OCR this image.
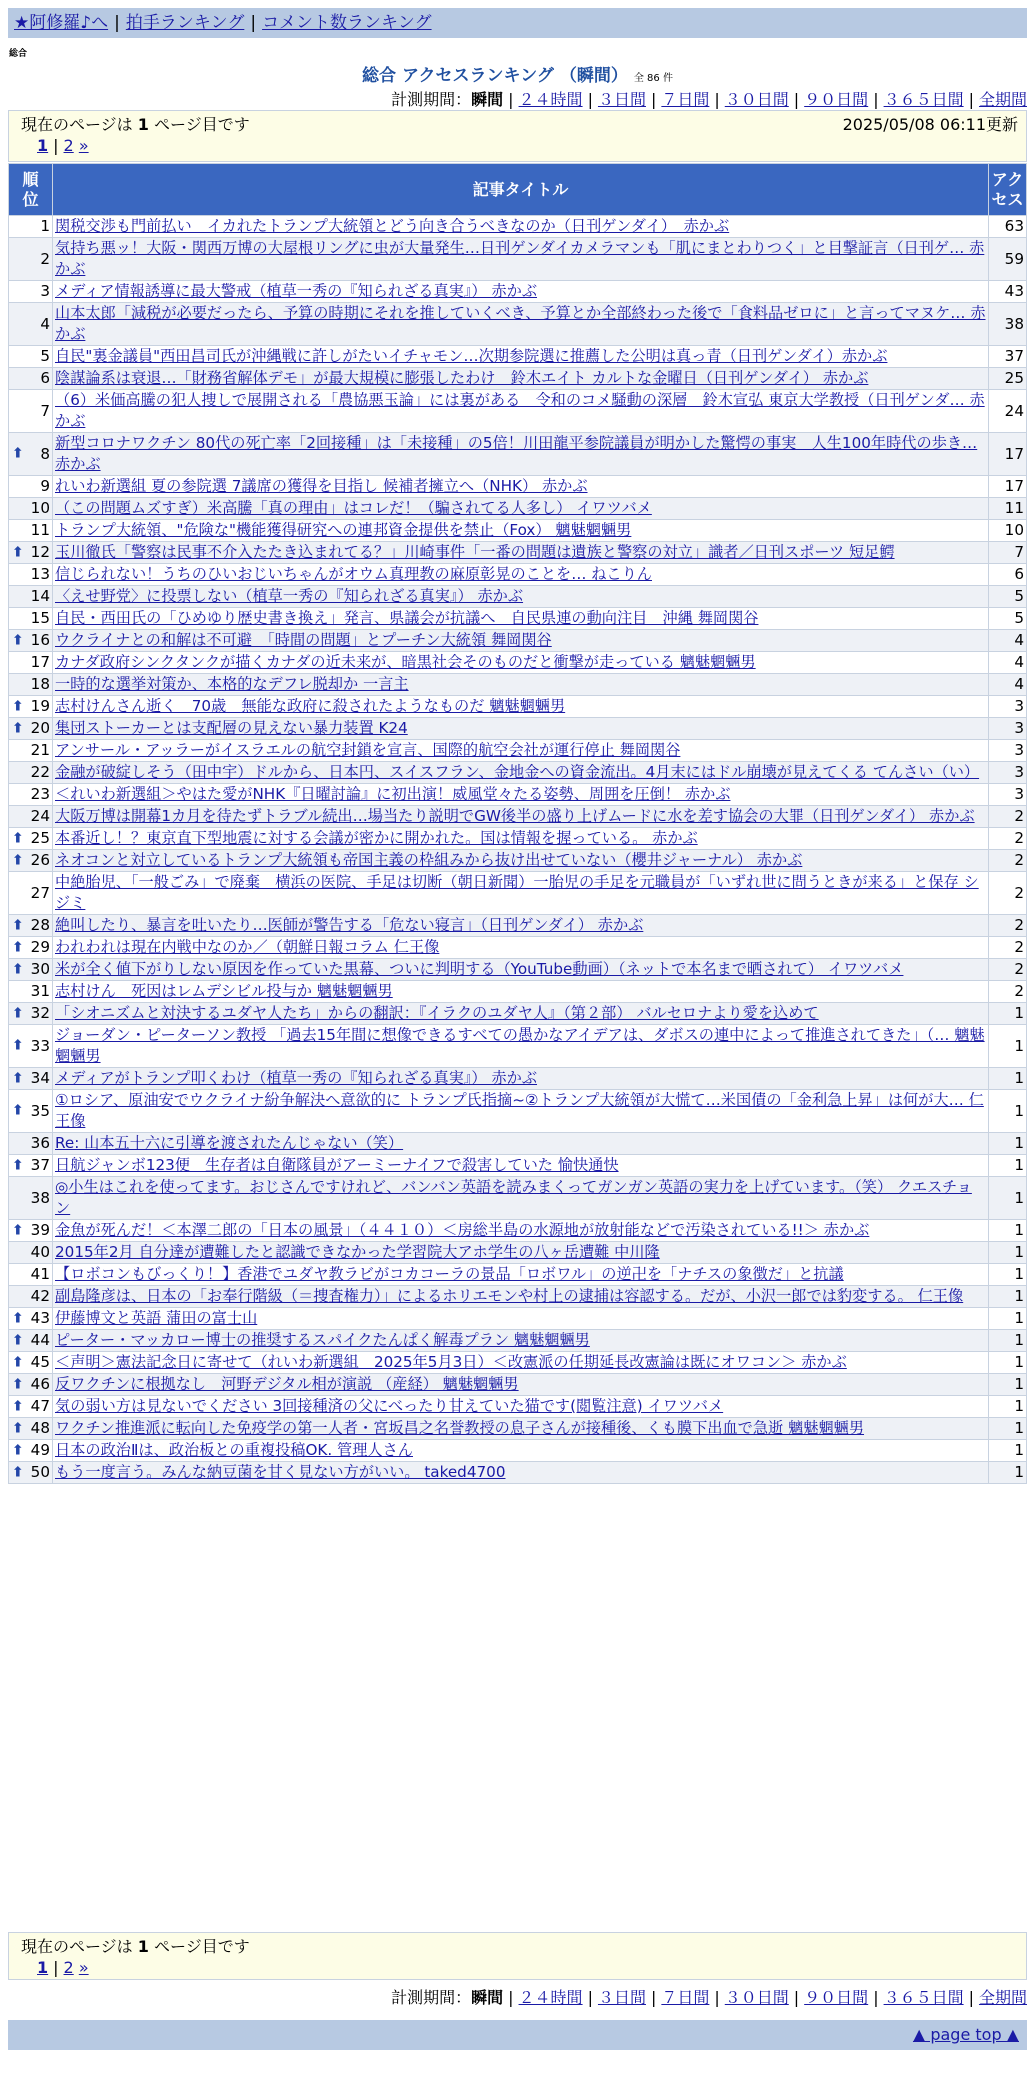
★阿修羅♪へ | 拍手ランキング | コメント数ランキング
総合
総合 アクセスランキング （瞬間） 全 86 件
計測期間：瞬間 | ２４時間 | ３日間 | ７日間 | ３０日間 | ９０日間 | ３６５日間 | 全期間
現在のページは 1 ページ目です	2025/05/08 06:11更新
1 | 2 »
順位	記事タイトル	アクセス
1	関税交渉も門前払い　イカれたトランプ大統領とどう向き合うべきなのか（日刊ゲンダイ）　赤かぶ	63
2	気持ち悪ッ！大阪・関西万博の大屋根リングに虫が大量発生…日刊ゲンダイカメラマンも「肌にまとわりつく」と目撃証言（日刊ゲ… 赤かぶ	59
3	メディア情報誘導に最大警戒（植草一秀の『知られざる真実』） 赤かぶ	43
4	山本太郎「減税が必要だったら、予算の時期にそれを推していくべき、予算とか全部終わった後で「食料品ゼロに」と言ってマヌケ… 赤かぶ	38
5	自民"裏金議員"西田昌司氏が沖縄戦に許しがたいイチャモン…次期参院選に推薦した公明は真っ青（日刊ゲンダイ）赤かぶ	37
6	陰謀論系は衰退…「財務省解体デモ」が最大規模に膨張したわけ　鈴木エイト カルトな金曜日（日刊ゲンダイ） 赤かぶ	25
7	（6）米価高騰の犯人捜しで展開される「農協悪玉論」には裏がある　令和のコメ騒動の深層　鈴木宣弘 東京大学教授（日刊ゲンダ… 赤かぶ	24

⬆ 8	新型コロナワクチン 80代の死亡率「2回接種」は「未接種」の5倍！川田龍平参院議員が明かした驚愕の事実　人生100年時代の歩き… 赤かぶ	17
9	れいわ新選組 夏の参院選 7議席の獲得を目指し 候補者擁立へ（NHK） 赤かぶ	17
10	（この問題ムズすぎ）米高騰「真の理由」はコレだ！（騙されてる人多し） イワツバメ	11
11	トランプ大統領、"危険な"機能獲得研究への連邦資金提供を禁止（Fox） 魑魅魍魎男	10

⬆ 12	玉川徹氏「警察は民事不介入たたき込まれてる？」川崎事件「一番の問題は遺族と警察の対立」識者／日刊スポーツ 短足鰐	7
13	信じられない！うちのひいおじいちゃんがオウム真理教の麻原彰晃のことを… ねこりん	6
14	〈えせ野党〉に投票しない（植草一秀の『知られざる真実』） 赤かぶ	5
15	自民・西田氏の「ひめゆり歴史書き換え」発言、県議会が抗議へ　自民県連の動向注目　沖縄 舞岡関谷	5

⬆ 16	ウクライナとの和解は不可避　「時間の問題」とプーチン大統領 舞岡関谷	4
17	カナダ政府シンクタンクが描くカナダの近未来が、暗黒社会そのものだと衝撃が走っている 魑魅魍魎男	4
18	一時的な選挙対策か、本格的なデフレ脱却か 一言主	4

⬆ 19	志村けんさん逝く　70歳　無能な政府に殺されたようなものだ 魑魅魍魎男	3

⬆ 20	集団ストーカーとは支配層の見えない暴力装置 K24	3
21	アンサール・アッラーがイスラエルの航空封鎖を宣言、国際的航空会社が運行停止 舞岡関谷	3
22	金融が破綻しそう（田中宇）ドルから、日本円、スイスフラン、金地金への資金流出。4月末にはドル崩壊が見えてくる てんさい（い）	3
23	＜れいわ新選組＞やはた愛がNHK『日曜討論』に初出演！威風堂々たる姿勢、周囲を圧倒！ 赤かぶ	3
24	大阪万博は開幕1カ月を待たずトラブル続出…場当たり説明でGW後半の盛り上げムードに水を差す協会の大罪（日刊ゲンダイ） 赤かぶ	2

⬆ 25	本番近し！？東京直下型地震に対する会議が密かに開かれた。国は情報を握っている。 赤かぶ	2

⬆ 26	ネオコンと対立しているトランプ大統領も帝国主義の枠組みから抜け出せていない（櫻井ジャーナル） 赤かぶ	2
27	中絶胎児、「一般ごみ」で廃棄　横浜の医院、手足は切断（朝日新聞）一胎児の手足を元職員が「いずれ世に問うときが来る」と保存 シジミ	2

⬆ 28	絶叫したり、暴言を吐いたり…医師が警告する「危ない寝言」（日刊ゲンダイ） 赤かぶ	2

⬆ 29	われわれは現在内戦中なのか／（朝鮮日報コラム 仁王像	2

⬆ 30	米が全く値下がりしない原因を作っていた黒幕、ついに判明する（YouTube動画）（ネットで本名まで晒されて） イワツバメ	2
31	志村けん　死因はレムデシビル投与か 魑魅魍魎男	2

⬆ 32	「シオニズムと対決するユダヤ人たち」からの翻訳：『イラクのユダヤ人』（第２部） バルセロナより愛を込めて	1

⬆ 33	ジョーダン・ピーターソン教授 「過去15年間に想像できるすべての愚かなアイデアは、ダボスの連中によって推進されてきた」（… 魑魅魍魎男	1

⬆ 34	メディアがトランプ叩くわけ（植草一秀の『知られざる真実』） 赤かぶ	1

⬆ 35	①ロシア、原油安でウクライナ紛争解決へ意欲的に トランプ氏指摘~②トランプ大統領が大慌て…米国債の「金利急上昇」は何が大… 仁王像	1
36	Re: 山本五十六に引導を渡されたんじゃない（笑）	1

⬆ 37	日航ジャンボ123便　生存者は自衛隊員がアーミーナイフで殺害していた 愉快通快	1
38	◎小生はこれを使ってます。おじさんですけれど、バンバン英語を読みまくってガンガン英語の実力を上げています。（笑） クエスチョン	1

⬆ 39	金魚が死んだ！＜本澤二郎の「日本の風景」（４４１０）＜房総半島の水源地が放射能などで汚染されている!!＞ 赤かぶ	1
40	2015年2月 自分達が遭難したと認識できなかった学習院大アホ学生の八ヶ岳遭難 中川隆	1
41	【ロボコンもびっくり！】香港でユダヤ教ラビがコカコーラの景品「ロボワル」の逆卍を「ナチスの象徴だ」と抗議	1
42	副島隆彦は、日本の「お奉行階級（＝捜査権力）」によるホリエモンや村上の逮捕は容認する。だが、小沢一郎では豹変する。 仁王像	1

⬆ 43	伊藤博文と英語 蒲田の富士山	1

⬆ 44	ピーター・マッカロー博士の推奨するスパイクたんぱく解毒プラン 魑魅魍魎男	1

⬆ 45	＜声明＞憲法記念日に寄せて（れいわ新選組　2025年5月3日）＜改憲派の任期延長改憲論は既にオワコン＞ 赤かぶ	1

⬆ 46	反ワクチンに根拠なし　河野デジタル相が演説 （産経） 魑魅魍魎男	1

⬆ 47	気の弱い方は見ないでください 3回接種済の父にべったり甘えていた猫です(閲覧注意) イワツバメ	1

⬆ 48	ワクチン推進派に転向した免疫学の第一人者・宮坂昌之名誉教授の息子さんが接種後、くも膜下出血で急逝 魑魅魍魎男	1

⬆ 49	日本の政治Ⅱは、政治板との重複投稿OK. 管理人さん	1

⬆ 50	もう一度言う。みんな納豆菌を甘く見ない方がいい。 taked4700	1
現在のページは 1 ページ目です
1 | 2 »
計測期間：瞬間 | ２４時間 | ３日間 | ７日間 | ３０日間 | ９０日間 | ３６５日間 | 全期間
▲ page top ▲
